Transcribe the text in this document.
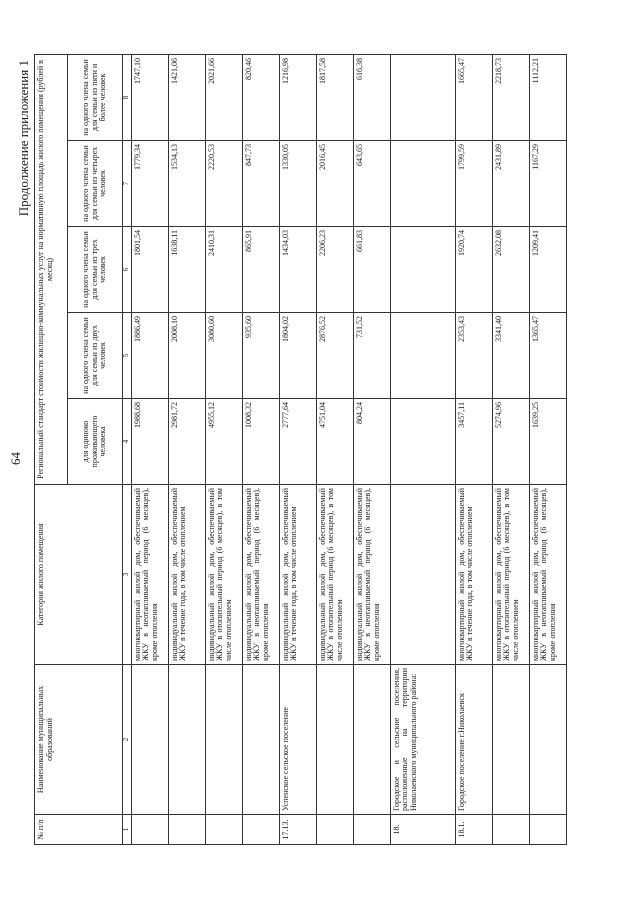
64
Продолжение приложения 1
№ п/п	Наименование муниципальных образований	Категория жилого помещения	Региональный стандарт стоимости жилищно-коммунальных услуг на нормативную площадь жилого помещения (рублей в месяц)				
			для одиноко проживающего человека	на одного члена семьи для семьи из двух человек	на одного члена семьи для семьи из трех человек	на одного члена семьи для семьи из четырех человек	на одного члена семьи для семьи из пяти и более человек
1	2	3	4	5	6	7	8
		многоквартирный жилой дом, обеспечиваемый ЖКУ в неотапливаемый период (6 месяцев), кроме отопления	1988,68	1886,49	1801,54	1779,34	1747,10
		индивидуальный жилой дом, обеспечиваемый ЖКУ в течение года, в том числе отоплением	2981,72	2008,10	1638,11	1534,13	1421,06
		индивидуальный жилой дом, обеспечиваемый ЖКУ в отопительный период (6 месяцев), в том числе отоплением	4955,12	3080,60	2410,31	2220,53	2021,66
		индивидуальный жилой дом, обеспечиваемый ЖКУ в неотапливаемый период (6 месяцев), кроме отопления	1008,32	935,60	865,91	847,73	820,46
17.13.	Успенское сельское поселение	индивидуальный жилой дом, обеспечиваемый ЖКУ в течение года, в том числе отоплением	2777,64	1804,02	1434,03	1330,05	1216,98
		индивидуальный жилой дом, обеспечиваемый ЖКУ в отопительный период (6 месяцев), в том числе отоплением	4751,04	2876,52	2206,23	2016,45	1817,58
		индивидуальный жилой дом, обеспечиваемый ЖКУ в неотапливаемый период (6 месяцев), кроме отопления	804,24	731,52	661,83	643,65	616,38
18.	Городское и сельские поселения, расположенные на территории Николаевского муниципального района:						
18.1.	Городское поселение г.Николаевск	многоквартирный жилой дом, обеспечиваемый ЖКУ в течение года, в том числе отоплением	3457,11	2353,43	1920,74	1799,59	1665,47
		многоквартирный жилой дом, обеспечиваемый ЖКУ в отопительный период (6 месяцев), в том числе отоплением	5274,96	3341,40	2632,08	2431,89	2218,73
		многоквартирный жилой дом, обеспечиваемый ЖКУ в неотапливаемый период (6 месяцев), кроме отопления	1639,25	1365,47	1209,41	1167,29	1112,21
